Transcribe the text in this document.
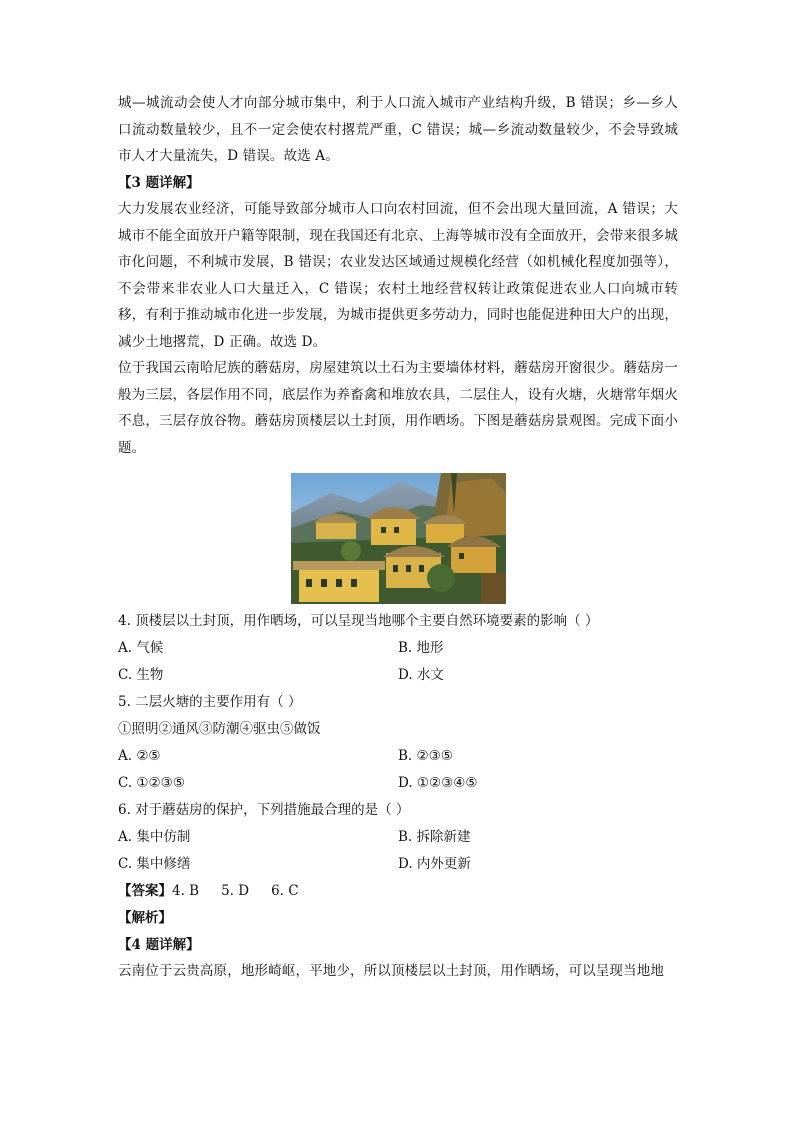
城—城流动会使人才向部分城市集中，利于人口流入城市产业结构升级，B 错误；乡—乡人口流动数量较少，且不一定会使农村撂荒严重，C 错误；城—乡流动数量较少，不会导致城市人才大量流失，D 错误。故选 A。

【3 题详解】

大力发展农业经济，可能导致部分城市人口向农村回流，但不会出现大量回流，A 错误；大城市不能全面放开户籍等限制，现在我国还有北京、上海等城市没有全面放开，会带来很多城市化问题，不利城市发展，B 错误；农业发达区域通过规模化经营（如机械化程度加强等），不会带来非农业人口大量迁入，C 错误；农村土地经营权转让政策促进农业人口向城市转移，有利于推动城市化进一步发展，为城市提供更多劳动力，同时也能促进种田大户的出现，减少土地撂荒，D 正确。故选 D。

位于我国云南哈尼族的蘑菇房，房屋建筑以土石为主要墙体材料，蘑菇房开窗很少。蘑菇房一般为三层，各层作用不同，底层作为养畜禽和堆放农具，二层住人，设有火塘，火塘常年烟火不息，三层存放谷物。蘑菇房顶楼层以土封顶，用作晒场。下图是蘑菇房景观图。完成下面小题。

4. 顶楼层以土封顶，用作晒场，可以呈现当地哪个主要自然环境要素的影响（ ）

A. 气候	B. 地形
C. 生物	D. 水文

5. 二层火塘的主要作用有（ ）

①照明②通风③防潮④驱虫⑤做饭

A. ②⑤	B. ②③⑤
C. ①②③⑤	D. ①②③④⑤

6. 对于蘑菇房的保护，下列措施最合理的是（ ）

A. 集中仿制	B. 拆除新建
C. 集中修缮	D. 内外更新

【答案】4. B 5. D 6. C

【解析】

【4 题详解】

云南位于云贵高原，地形崎岖，平地少，所以顶楼层以土封顶，用作晒场，可以呈现当地地
